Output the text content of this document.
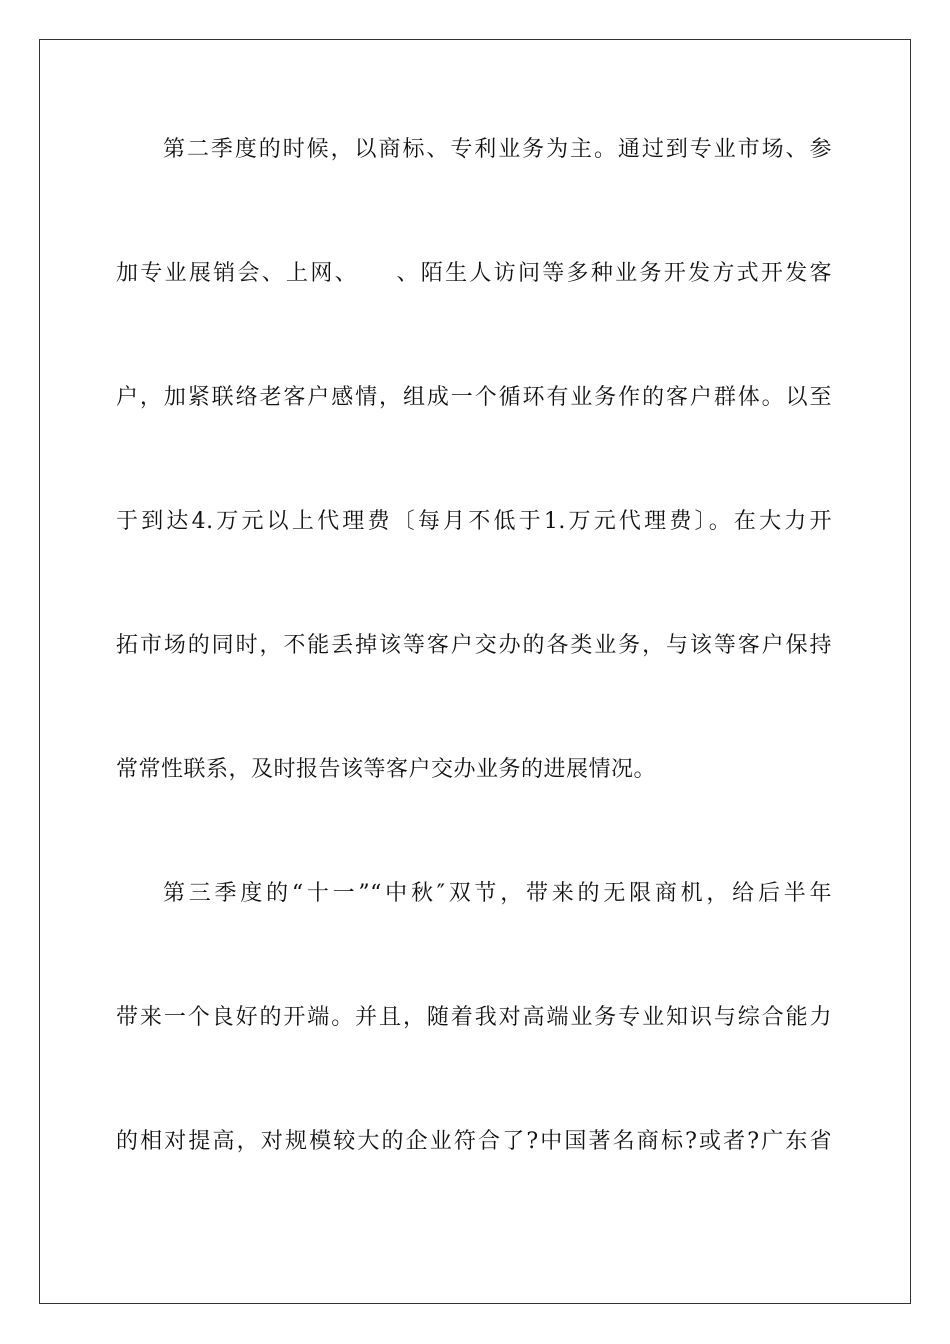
第二季度的时候，以商标、专利业务为主。通过到专业市场、参
加专业展销会、上网、　　、陌生人访问等多种业务开发方式开发客
户，加紧联络老客户感情，组成一个循环有业务作的客户群体。以至
于到达4.万元以上代理费〔每月不低于1.万元代理费〕。在大力开
拓市场的同时，不能丢掉该等客户交办的各类业务，与该等客户保持
常常性联系，及时报告该等客户交办业务的进展情况。
第三季度的“十一”“中秋″双节，带来的无限商机，给后半年
带来一个良好的开端。并且，随着我对高端业务专业知识与综合能力
的相对提高，对规模较大的企业符合了?中国著名商标?或者?广东省
